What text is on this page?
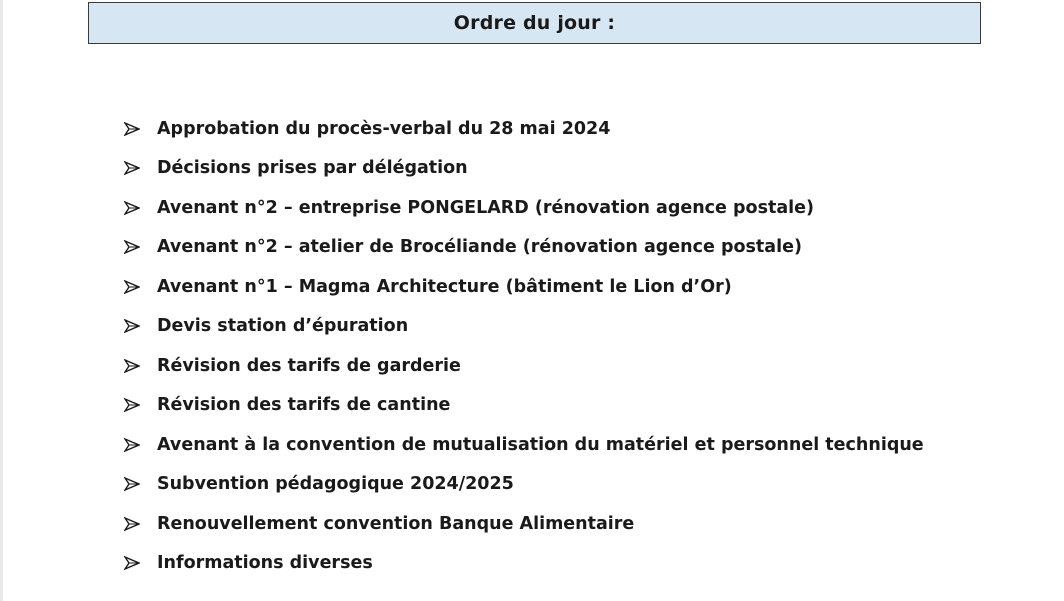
Ordre du jour :
Approbation du procès-verbal du 28 mai 2024
Décisions prises par délégation
Avenant n°2 – entreprise PONGELARD (rénovation agence postale)
Avenant n°2 – atelier de Brocéliande (rénovation agence postale)
Avenant n°1 – Magma Architecture (bâtiment le Lion d’Or)
Devis station d’épuration
Révision des tarifs de garderie
Révision des tarifs de cantine
Avenant à la convention de mutualisation du matériel et personnel technique
Subvention pédagogique 2024/2025
Renouvellement convention Banque Alimentaire
Informations diverses
